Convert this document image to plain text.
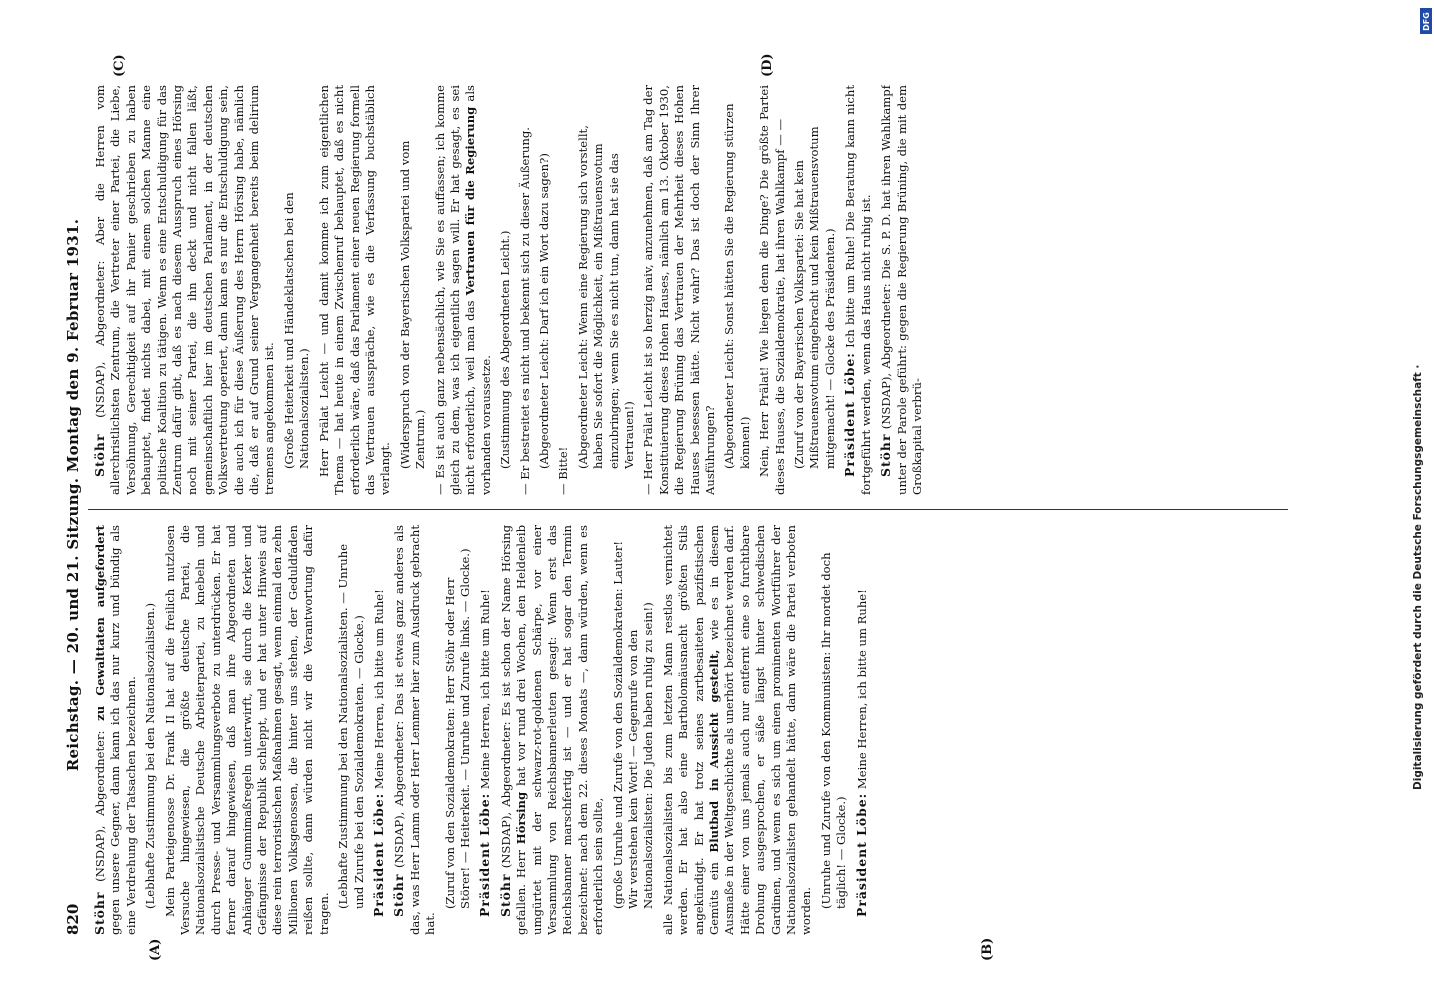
820
Reichstag. — 20. und 21. Sitzung. Montag den 9. Februar 1931.
(A)	(B)
(C)	(D)

Stöhr (NSDAP), Abgeordneter: zu Gewalttaten aufgefordert gegen unsere Gegner, dann kann ich das nur kurz und bündig als eine Verdrehung der Tatsachen bezeichnen. (Lebhafte Zustimmung bei den Nationalsozialisten.) Mein Parteigenosse Dr. Frank II hat auf die freilich nutzlosen Versuche hingewiesen, die größte deutsche Partei, die Nationalsozialistische Deutsche Arbeiterpartei, zu knebeln und durch Presse- und Versammlungsverbote zu unterdrücken. Er hat ferner darauf hingewiesen, daß man ihre Abgeordneten und Anhänger Gummimaßregeln unterwirft, sie durch die Kerker und Gefängnisse der Republik schleppt, und er hat unter Hinweis auf diese rein terroristischen Maßnahmen gesagt, wenn einmal den zehn Millionen Volksgenossen, die hinter uns stehen, der Geduldfaden reißen sollte, dann würden nicht wir die Verantwortung dafür tragen.

(Lebhafte Zustimmung bei den Nationalsozialisten. — Unruhe und Zurufe bei den Sozialdemokraten. — Glocke.) Präsident Löbe: Meine Herren, ich bitte um Ruhe!

Stöhr (NSDAP), Abgeordneter: Das ist etwas ganz anderes als das, was Herr Lamm oder Herr Lemmer hier zum Ausdruck gebracht hat.

(Zuruf von den Sozialdemokraten: Herr Stöhr oder Herr Störer! — Heiterkeit. — Unruhe und Zurufe links. — Glocke.) Präsident Löbe: Meine Herren, ich bitte um Ruhe!

Stöhr (NSDAP), Abgeordneter: Es ist schon der Name Hörsing gefallen. Herr Hörsing hat vor rund drei Wochen, den Heldenleib umgürtet mit der schwarz-rot-goldenen Schärpe, vor einer Versammlung von Reichsbannerleuten gesagt: Wenn erst das Reichsbanner marschfertig ist — und er hat sogar den Termin bezeichnet: nach dem 22. dieses Monats —, dann würden, wenn es erforderlich sein sollte, (große Unruhe und Zurufe von den Sozialdemokraten: Lauter! Wir verstehen kein Wort! — Gegenrufe von den Nationalsozialisten: Die Juden haben ruhig zu sein!) alle Nationalsozialisten bis zum letzten Mann restlos vernichtet werden. Er hat also eine Bartholomäusnacht größten Stils angekündigt. Er hat trotz seines zartbesaiteten pazifistischen Gemüts ein Blutbad in Aussicht gestellt, wie es in diesem Ausmaße in der Weltgeschichte als unerhört bezeichnet werden darf. Hätte einer von uns jemals auch nur entfernt eine so furchtbare Drohung ausgesprochen, er säße längst hinter schwedischen Gardinen, und wenn es sich um einen prominenten Wortführer der Nationalsozialisten gehandelt hätte, dann wäre die Partei verboten worden.

(Unruhe und Zurufe von den Kommunisten: Ihr mordet doch täglich! — Glocke.) Präsident Löbe: Meine Herren, ich bitte um Ruhe!

Stöhr (NSDAP), Abgeordneter: Aber die Herren vom allerchristlichsten Zentrum, die Vertreter einer Partei, die Liebe, Versöhnung, Gerechtigkeit auf ihr Panier geschrieben zu haben behauptet, findet nichts dabei, mit einem solchen Manne eine politische Koalition zu tätigen. Wenn es eine Entschuldigung für das Zentrum dafür gibt, daß es nach diesem Ausspruch eines Hörsing noch mit seiner Partei, die ihn deckt und nicht fallen läßt, gemeinschaftlich hier im deutschen Parlament, in der deutschen Volksvertretung operiert, dann kann es nur die Entschuldigung sein, die auch ich für diese Äußerung des Herrn Hörsing habe, nämlich die, daß er auf Grund seiner Vergangenheit bereits beim delirium tremens angekommen ist. (Große Heiterkeit und Händeklatschen bei den Nationalsozialisten.) Herr Prälat Leicht — und damit komme ich zum eigentlichen Thema — hat heute in einem Zwischenruf behauptet, daß es nicht erforderlich wäre, daß das Parlament einer neuen Regierung formell das Vertrauen ausspräche, wie es die Verfassung buchstäblich verlangt. (Widerspruch von der Bayerischen Volkspartei und vom Zentrum.) — Es ist auch ganz nebensächlich, wie Sie es auffassen; ich komme gleich zu dem, was ich eigentlich sagen will. Er hat gesagt, es sei nicht erforderlich, weil man das Vertrauen für die Regierung als vorhanden voraussetze. (Zustimmung des Abgeordneten Leicht.) — Er bestreitet es nicht und bekennt sich zu dieser Äußerung. (Abgeordneter Leicht: Darf ich ein Wort dazu sagen?)

— Bitte!

(Abgeordneter Leicht: Wenn eine Regierung sich vorstellt, haben Sie sofort die Möglichkeit, ein Mißtrauensvotum einzubringen; wenn Sie es nicht tun, dann hat sie das Vertrauen!) — Herr Prälat Leicht ist so herzig naiv, anzunehmen, daß am Tag der Konstituierung dieses Hohen Hauses, nämlich am 13. Oktober 1930, die Regierung Brüning das Vertrauen der Mehrheit dieses Hohen Hauses besessen hätte. Nicht wahr? Das ist doch der Sinn Ihrer Ausführungen? (Abgeordneter Leicht: Sonst hätten Sie die Regierung stürzen können!) Nein, Herr Prälat! Wie liegen denn die Dinge? Die größte Partei dieses Hauses, die Sozialdemokratie, hat ihren Wahlkampf — — (Zuruf von der Bayerischen Volkspartei: Sie hat kein Mißtrauensvotum eingebracht und kein Mißtrauensvotum mitgemacht! — Glocke des Präsidenten.) Präsident Löbe: Ich bitte um Ruhe! Die Beratung kann nicht fortgeführt werden, wenn das Haus nicht ruhig ist. Stöhr (NSDAP), Abgeordneter: Die S. P. D. hat ihren Wahlkampf unter der Parole geführt: gegen die Regierung Brüning, die mit dem Großkapital verbrü-

DFG
Digitalisierung gefördert durch die Deutsche Forschungsgemeinschaft ·
